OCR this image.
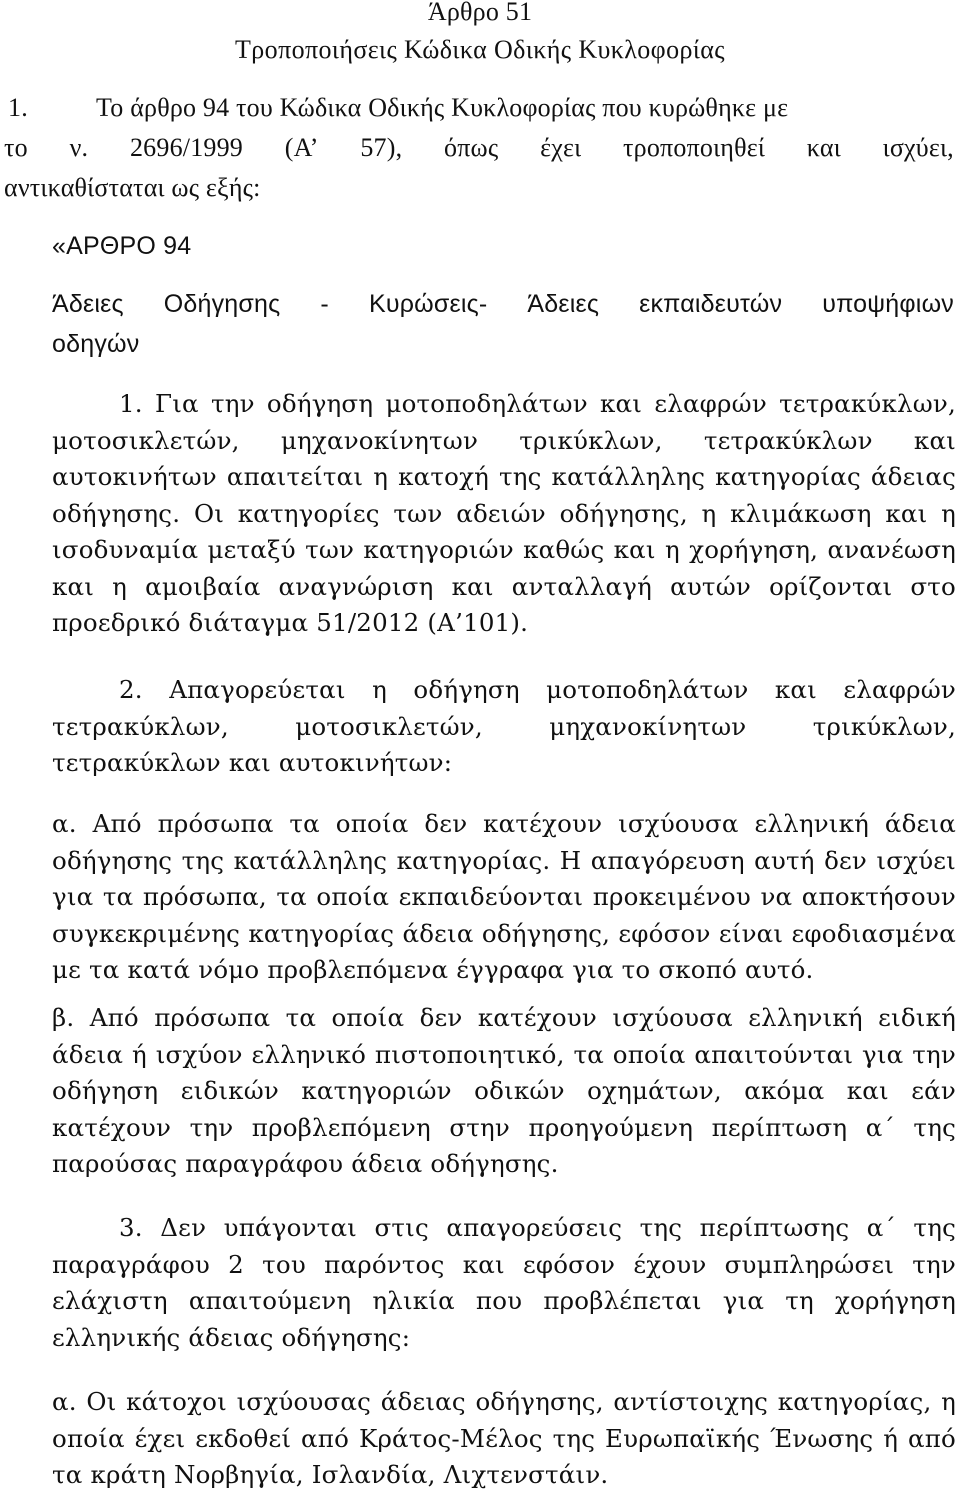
Άρθρο 51
Τροποποιήσεις Κώδικα Οδικής Κυκλοφορίας
1.	Το άρθρο 94 του Κώδικα Οδικής Κυκλοφορίας που κυρώθηκε με
το ν. 2696/1999 (Α’ 57), όπως έχει τροποποιηθεί και ισχύει,
αντικαθίσταται ως εξής:
«ΑΡΘΡΟ 94
Άδειες Οδήγησης - Κυρώσεις- Άδειες εκπαιδευτών υποψήφιων
οδηγών

1. Για την οδήγηση μοτοποδηλάτων και ελαφρών τετρακύκλων, μοτοσικλετών, μηχανοκίνητων τρικύκλων, τετρακύκλων και αυτοκινήτων απαιτείται η κατοχή της κατάλληλης κατηγορίας άδειας οδήγησης. Οι κατηγορίες των αδειών οδήγησης, η κλιμάκωση και η ισοδυναμία μεταξύ των κατηγοριών καθώς και η χορήγηση, ανανέωση και η αμοιβαία αναγνώριση και ανταλλαγή αυτών ορίζονται στο προεδρικό διάταγμα 51/2012 (Α’101).

2. Απαγορεύεται η οδήγηση μοτοποδηλάτων και ελαφρών τετρακύκλων, μοτοσικλετών, μηχανοκίνητων τρικύκλων, τετρακύκλων και αυτοκινήτων:

α. Από πρόσωπα τα οποία δεν κατέχουν ισχύουσα ελληνική άδεια οδήγησης της κατάλληλης κατηγορίας. Η απαγόρευση αυτή δεν ισχύει για τα πρόσωπα, τα οποία εκπαιδεύονται προκειμένου να αποκτήσουν συγκεκριμένης κατηγορίας άδεια οδήγησης, εφόσον είναι εφοδιασμένα με τα κατά νόμο προβλεπόμενα έγγραφα για το σκοπό αυτό.

β. Από πρόσωπα τα οποία δεν κατέχουν ισχύουσα ελληνική ειδική άδεια ή ισχύον ελληνικό πιστοποιητικό, τα οποία απαιτούνται για την οδήγηση ειδικών κατηγοριών οδικών οχημάτων, ακόμα και εάν κατέχουν την προβλεπόμενη στην προηγούμενη περίπτωση α΄ της παρούσας παραγράφου άδεια οδήγησης.

3. Δεν υπάγονται στις απαγορεύσεις της περίπτωσης α΄ της παραγράφου 2 του παρόντος και εφόσον έχουν συμπληρώσει την ελάχιστη απαιτούμενη ηλικία που προβλέπεται για τη χορήγηση ελληνικής άδειας οδήγησης:

α. Οι κάτοχοι ισχύουσας άδειας οδήγησης, αντίστοιχης κατηγορίας, η οποία έχει εκδοθεί από Κράτος-Μέλος της Ευρωπαϊκής Ένωσης ή από τα κράτη Νορβηγία, Ισλανδία, Λιχτενστάιν.
